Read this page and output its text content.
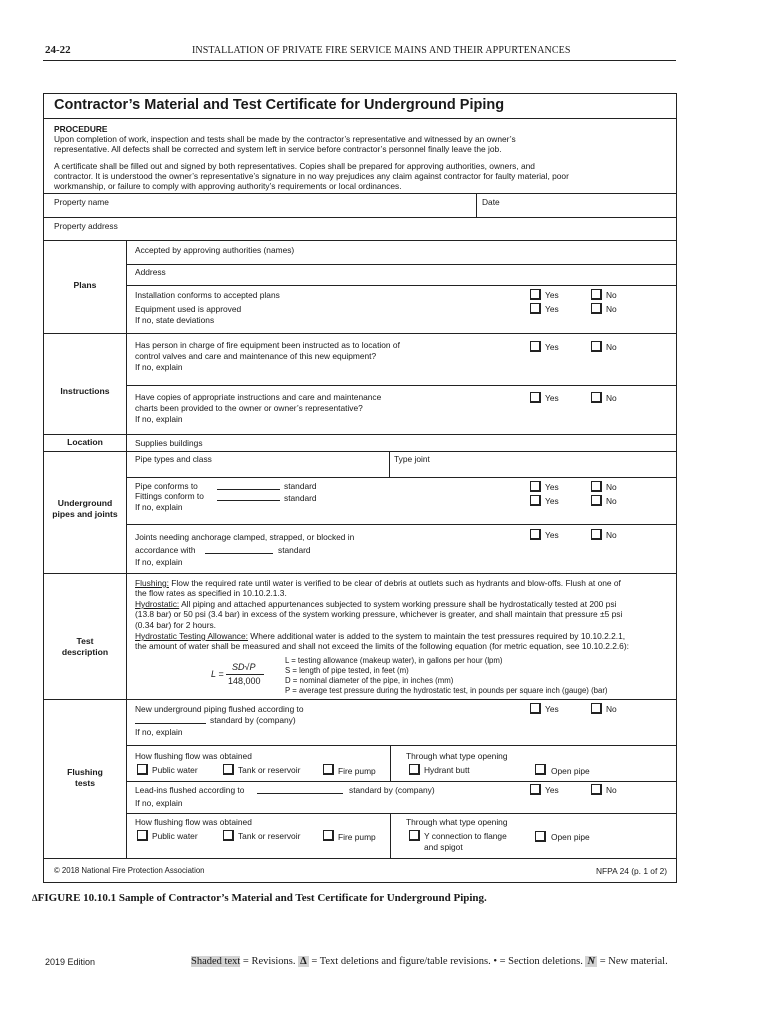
24-22	INSTALLATION OF PRIVATE FIRE SERVICE MAINS AND THEIR APPURTENANCES
Contractor’s Material and Test Certificate for Underground Piping
PROCEDURE
Upon completion of work, inspection and tests shall be made by the contractor’s representative and witnessed by an owner’s
representative. All defects shall be corrected and system left in service before contractor’s personnel finally leave the job.
A certificate shall be filled out and signed by both representatives. Copies shall be prepared for approving authorities, owners, and
contractor. It is understood the owner’s representative’s signature in no way prejudices any claim against contractor for faulty material, poor
workmanship, or failure to comply with approving authority’s requirements or local ordinances.
Property name	Date
Property address
Plans
Accepted by approving authorities (names)
Address
Installation conforms to accepted plans	Yes	No
Equipment used is approved	Yes	No
If no, state deviations
Instructions
Has person in charge of fire equipment been instructed as to location of
control valves and care and maintenance of this new equipment?
If no, explain
Yes	No
Have copies of appropriate instructions and care and maintenance
charts been provided to the owner or owner’s representative?
If no, explain
Yes	No
Location	Supplies buildings
Underground
pipes and joints
Pipe types and class	Type joint
Pipe conforms to	standard	Yes	No
Fittings conform to	standard	Yes	No
If no, explain
Joints needing anchorage clamped, strapped, or blocked in
accordance with	standard
If no, explain
Yes	No
Test
description
Flushing: Flow the required rate until water is verified to be clear of debris at outlets such as hydrants and blow-offs. Flush at one of
the flow rates as specified in 10.10.2.1.3.
Hydrostatic: All piping and attached appurtenances subjected to system working pressure shall be hydrostatically tested at 200 psi
(13.8 bar) or 50 psi (3.4 bar) in excess of the system working pressure, whichever is greater, and shall maintain that pressure ±5 psi
(0.34 bar) for 2 hours.
Hydrostatic Testing Allowance: Where additional water is added to the system to maintain the test pressures required by 10.10.2.2.1,
the amount of water shall be measured and shall not exceed the limits of the following equation (for metric equation, see 10.10.2.2.6):
L =
SD√P
148,000
L = testing allowance (makeup water), in gallons per hour (lpm)
S = length of pipe tested, in feet (m)
D = nominal diameter of the pipe, in inches (mm)
P = average test pressure during the hydrostatic test, in pounds per square inch (gauge) (bar)
Flushing
tests
New underground piping flushed according to
standard by (company)
If no, explain
Yes	No
How flushing flow was obtained	Through what type opening
Public water	Tank or reservoir	Fire pump	Hydrant butt	Open pipe
Lead-ins flushed according to	standard by (company)
If no, explain
Yes	No
How flushing flow was obtained	Through what type opening
Public water	Tank or reservoir	Fire pump	Y connection to flange
and spigot
Open pipe
© 2018 National Fire Protection Association	NFPA 24 (p. 1 of 2)
ΔFIGURE 10.10.1 Sample of Contractor’s Material and Test Certificate for Underground Piping.
2019 Edition	Shaded text = Revisions. Δ = Text deletions and figure/table revisions. • = Section deletions. N = New material.
